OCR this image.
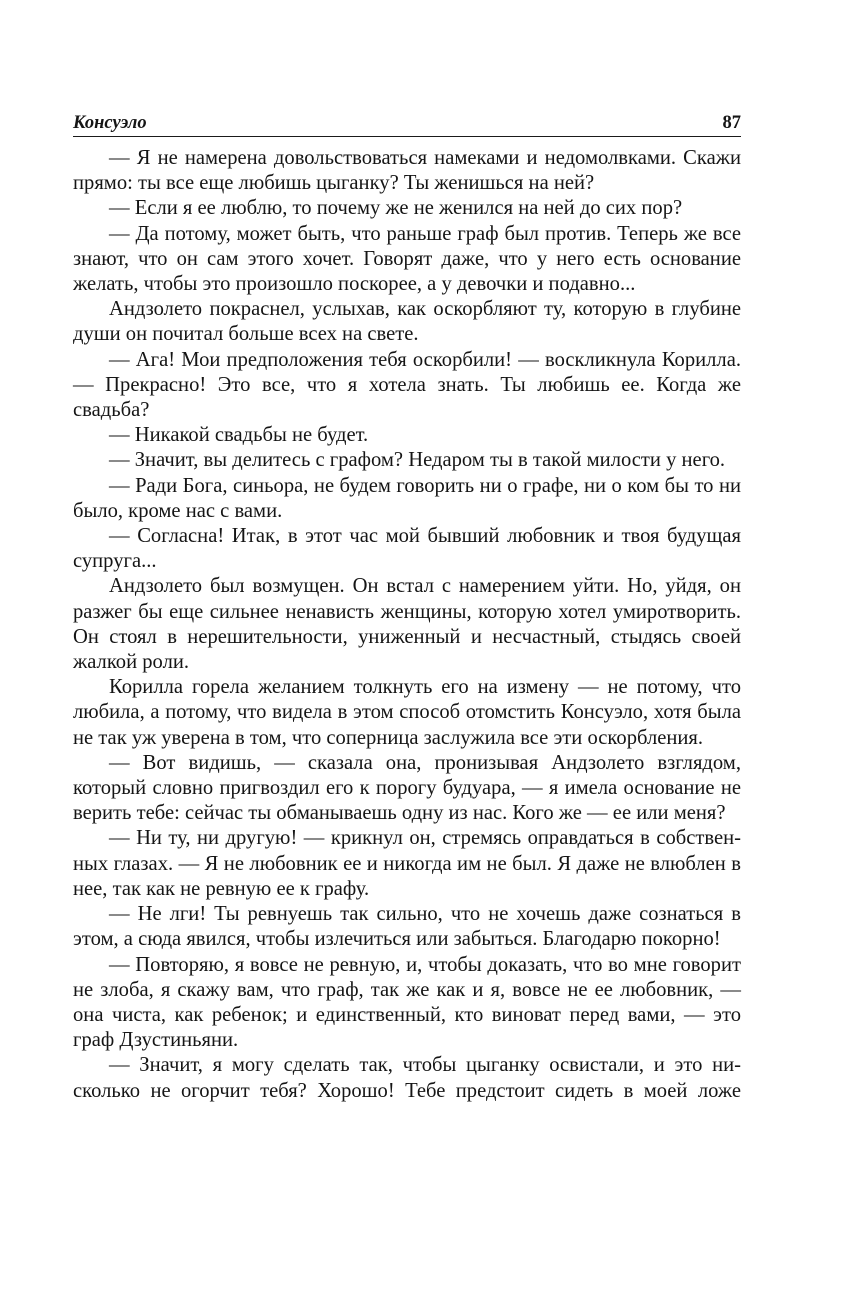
Консуэло	87

— Я не намерена довольствоваться намеками и недомолвками. Скажи прямо: ты все еще любишь цыганку? Ты женишься на ней?

— Если я ее люблю, то почему же не женился на ней до сих пор?

— Да потому, может быть, что раньше граф был против. Теперь же все знают, что он сам этого хочет. Говорят даже, что у него есть основание желать, чтобы это произошло поскорее, а у девочки и подавно...

Андзолето покраснел, услыхав, как оскорбляют ту, которую в глубине души он почитал больше всех на свете.

— Ага! Мои предположения тебя оскорбили! — воскликнула Корилла. — Прекрасно! Это все, что я хотела знать. Ты любишь ее. Когда же свадьба?

— Никакой свадьбы не будет.

— Значит, вы делитесь с графом? Недаром ты в такой милости у него.

— Ради Бога, синьора, не будем говорить ни о графе, ни о ком бы то ни было, кроме нас с вами.

— Согласна! Итак, в этот час мой бывший любовник и твоя будущая супруга...

Андзолето был возмущен. Он встал с намерением уйти. Но, уйдя, он разжег бы еще сильнее ненависть женщины, которую хотел умиротворить. Он стоял в нерешительности, униженный и несчастный, стыдясь своей жалкой роли.

Корилла горела желанием толкнуть его на измену — не потому, что любила, а потому, что видела в этом способ отомстить Консуэло, хотя была не так уж уверена в том, что соперница заслужила все эти оскорбления.

— Вот видишь, — сказала она, пронизывая Андзолето взглядом, который словно пригвоздил его к порогу будуара, — я имела основание не верить тебе: сейчас ты обманываешь одну из нас. Кого же — ее или меня?

— Ни ту, ни другую! — крикнул он, стремясь оправдаться в собственных глазах. — Я не любовник ее и никогда им не был. Я даже не влюблен в нее, так как не ревную ее к графу.

— Не лги! Ты ревнуешь так сильно, что не хочешь даже сознаться в этом, а сюда явился, чтобы излечиться или забыться. Благодарю покорно!

— Повторяю, я вовсе не ревную, и, чтобы доказать, что во мне говорит не злоба, я скажу вам, что граф, так же как и я, вовсе не ее любовник, — она чиста, как ребенок; и единственный, кто виноват перед вами, — это граф Дзустиньяни.

— Значит, я могу сделать так, чтобы цыганку освистали, и это нисколько не огорчит тебя? Хорошо! Тебе предстоит сидеть в моей ложе
